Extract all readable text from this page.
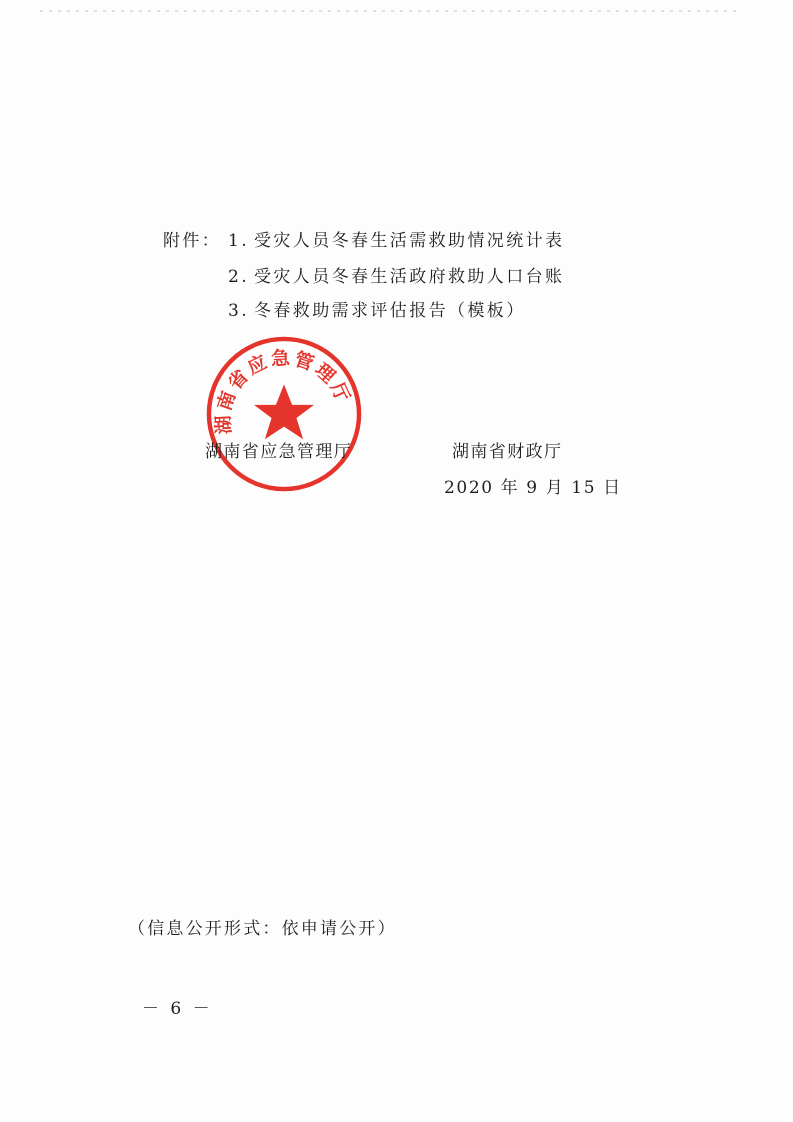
附件： 1. 受灾人员冬春生活需救助情况统计表
2. 受灾人员冬春生活政府救助人口台账
3. 冬春救助需求评估报告（模板）
湖南省应急管理厅
湖南省应急管理厅	湖南省财政厅
2020 年 9 月 15 日
（信息公开形式：依申请公开）
－ 6 －
